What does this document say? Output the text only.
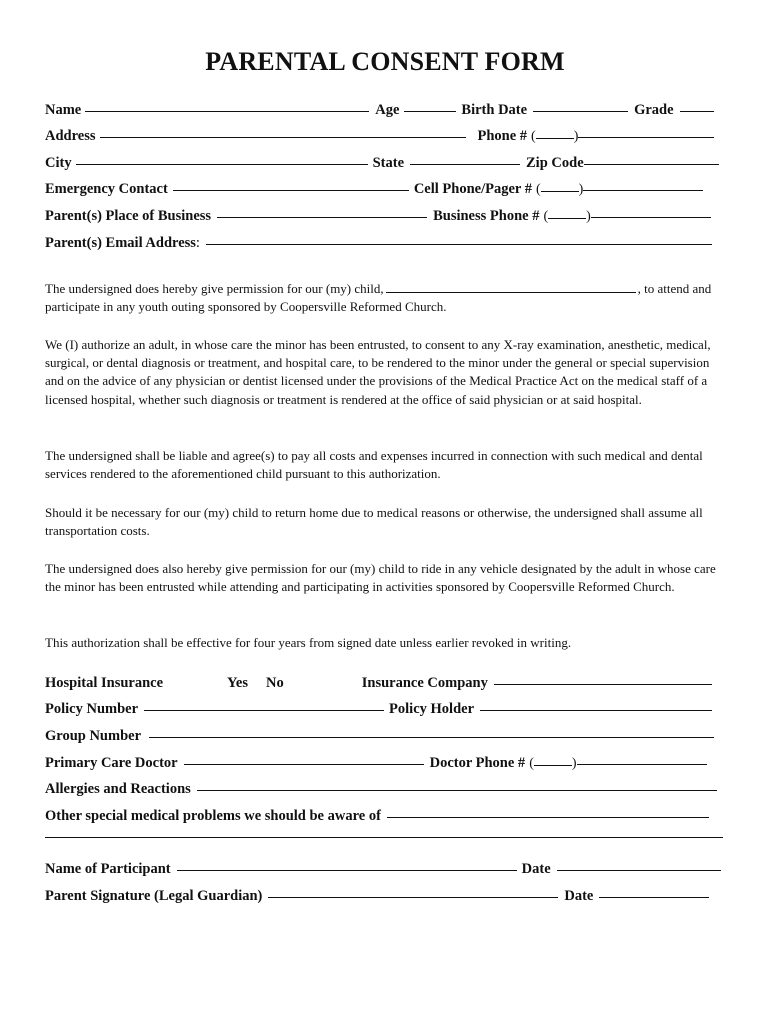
PARENTAL CONSENT FORM
Name	Age	Birth Date	Grade
Address	Phone # (	)
City	State	Zip Code
Emergency Contact	Cell Phone/Pager # (	)
Parent(s) Place of Business	Business Phone # (	)
Parent(s) Email Address :
The undersigned does hereby give permission for our (my) child,	, to attend and participate in any youth outing sponsored by Coopersville Reformed Church.
We (I) authorize an adult, in whose care the minor has been entrusted, to consent to any X-ray examination, anesthetic, medical, surgical, or dental diagnosis or treatment, and hospital care, to be rendered to the minor under the general or special supervision and on the advice of any physician or dentist licensed under the provisions of the Medical Practice Act on the medical staff of a licensed hospital, whether such diagnosis or treatment is rendered at the office of said physician or at said hospital.
The undersigned shall be liable and agree(s) to pay all costs and expenses incurred in connection with such medical and dental services rendered to the aforementioned child pursuant to this authorization.
Should it be necessary for our (my) child to return home due to medical reasons or otherwise, the undersigned shall assume all transportation costs.
The undersigned does also hereby give permission for our (my) child to ride in any vehicle designated by the adult in whose care the minor has been entrusted while attending and participating in activities sponsored by Coopersville Reformed Church.
This authorization shall be effective for four years from signed date unless earlier revoked in writing.
Hospital Insurance	Yes No	Insurance Company
Policy Number	Policy Holder
Group Number
Primary Care Doctor	Doctor Phone # (	)
Allergies and Reactions
Other special medical problems we should be aware of
Name of Participant	Date
Parent Signature (Legal Guardian)	Date
